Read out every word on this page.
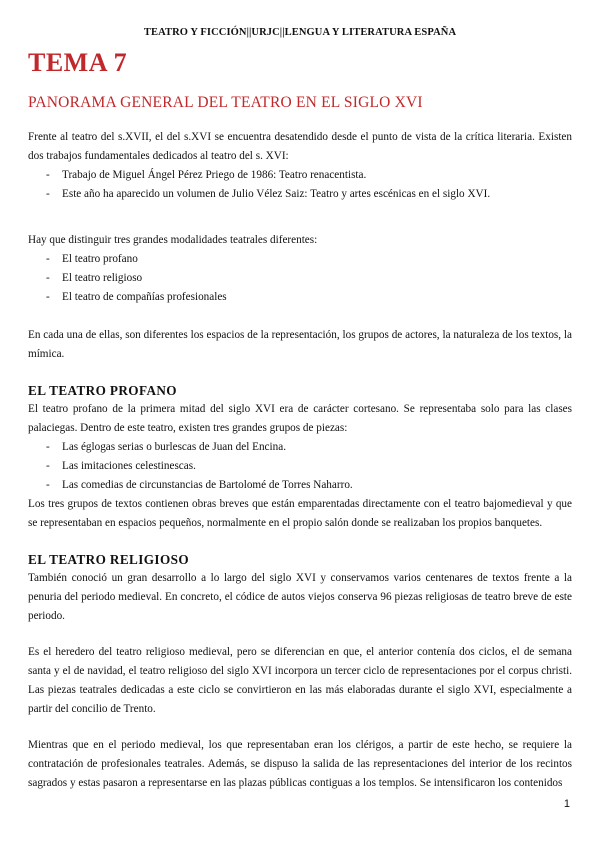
TEATRO Y FICCIÓN||URJC||LENGUA Y LITERATURA ESPAÑA
TEMA 7
PANORAMA GENERAL DEL TEATRO EN EL SIGLO XVI

Frente al teatro del s.XVII, el del s.XVI se encuentra desatendido desde el punto de vista de la crítica literaria. Existen dos trabajos fundamentales dedicados al teatro del s. XVI:

- Trabajo de Miguel Ángel Pérez Priego de 1986: Teatro renacentista.
- Este año ha aparecido un volumen de Julio Vélez Saiz: Teatro y artes escénicas en el siglo XVI.

Hay que distinguir tres grandes modalidades teatrales diferentes:

- El teatro profano
- El teatro religioso
- El teatro de compañías profesionales

En cada una de ellas, son diferentes los espacios de la representación, los grupos de actores, la naturaleza de los textos, la mímica.

EL TEATRO PROFANO

El teatro profano de la primera mitad del siglo XVI era de carácter cortesano. Se representaba solo para las clases palaciegas. Dentro de este teatro, existen tres grandes grupos de piezas:

- Las églogas serias o burlescas de Juan del Encina.
- Las imitaciones celestinescas.
- Las comedias de circunstancias de Bartolomé de Torres Naharro.

Los tres grupos de textos contienen obras breves que están emparentadas directamente con el teatro bajomedieval y que se representaban en espacios pequeños, normalmente en el propio salón donde se realizaban los propios banquetes.

EL TEATRO RELIGIOSO

También conoció un gran desarrollo a lo largo del siglo XVI y conservamos varios centenares de textos frente a la penuria del periodo medieval. En concreto, el códice de autos viejos conserva 96 piezas religiosas de teatro breve de este periodo.

Es el heredero del teatro religioso medieval, pero se diferencian en que, el anterior contenía dos ciclos, el de semana santa y el de navidad, el teatro religioso del siglo XVI incorpora un tercer ciclo de representaciones por el corpus christi. Las piezas teatrales dedicadas a este ciclo se convirtieron en las más elaboradas durante el siglo XVI, especialmente a partir del concilio de Trento.

Mientras que en el periodo medieval, los que representaban eran los clérigos, a partir de este hecho, se requiere la contratación de profesionales teatrales. Además, se dispuso la salida de las representaciones del interior de los recintos sagrados y estas pasaron a representarse en las plazas públicas contiguas a los templos. Se intensificaron los contenidos

1
